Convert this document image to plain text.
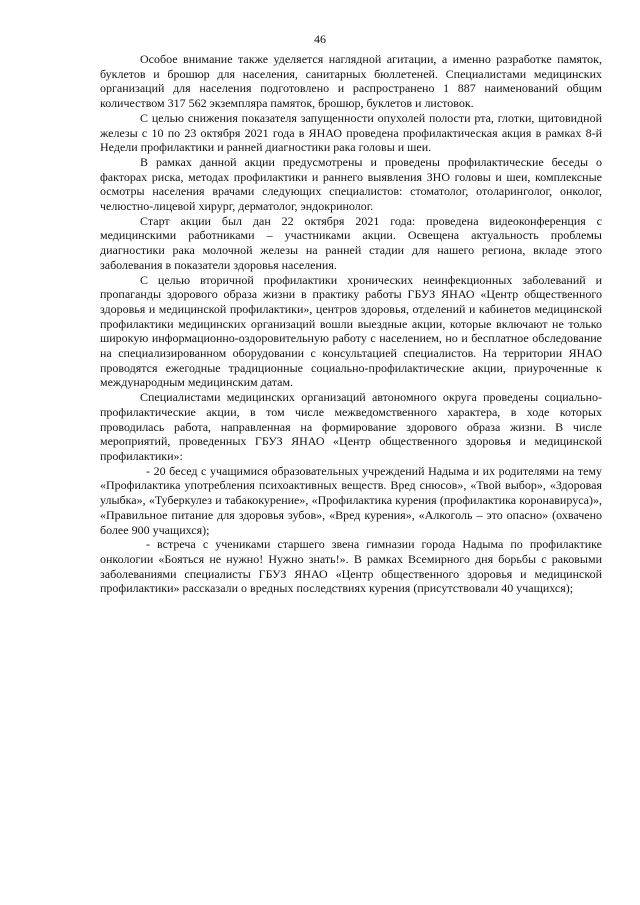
46

Особое внимание также уделяется наглядной агитации, а именно разработке памяток, буклетов и брошюр для населения, санитарных бюллетеней. Специалистами медицинских организаций для населения подготовлено и распространено 1 887 наименований общим количеством 317 562 экземпляра памяток, брошюр, буклетов и листовок.

С целью снижения показателя запущенности опухолей полости рта, глотки, щитовидной железы с 10 по 23 октября 2021 года в ЯНАО проведена профилактическая акция в рамках 8-й Недели профилактики и ранней диагностики рака головы и шеи.

В рамках данной акции предусмотрены и проведены профилактические беседы о факторах риска, методах профилактики и раннего выявления ЗНО головы и шеи, комплексные осмотры населения врачами следующих специалистов: стоматолог, отоларинголог, онколог, челюстно-лицевой хирург, дерматолог, эндокринолог.

Старт акции был дан 22 октября 2021 года: проведена видеоконференция с медицинскими работниками – участниками акции. Освещена актуальность проблемы диагностики рака молочной железы на ранней стадии для нашего региона, вкладе этого заболевания в показатели здоровья населения.

С целью вторичной профилактики хронических неинфекционных заболеваний и пропаганды здорового образа жизни в практику работы ГБУЗ ЯНАО «Центр общественного здоровья и медицинской профилактики», центров здоровья, отделений и кабинетов медицинской профилактики медицинских организаций вошли выездные акции, которые включают не только широкую информационно-оздоровительную работу с населением, но и бесплатное обследование на специализированном оборудовании с консультацией специалистов. На территории ЯНАО проводятся ежегодные традиционные социально-профилактические акции, приуроченные к международным медицинским датам.

Специалистами медицинских организаций автономного округа проведены социально-профилактические акции, в том числе межведомственного характера, в ходе которых проводилась работа, направленная на формирование здорового образа жизни. В числе мероприятий, проведенных ГБУЗ ЯНАО «Центр общественного здоровья и медицинской профилактики»:

- 20 бесед с учащимися образовательных учреждений Надыма и их родителями на тему «Профилактика употребления психоактивных веществ. Вред снюсов», «Твой выбор», «Здоровая улыбка», «Туберкулез и табакокурение», «Профилактика курения (профилактика коронавируса)», «Правильное питание для здоровья зубов», «Вред курения», «Алкоголь – это опасно» (охвачено более 900 учащихся);

- встреча с учениками старшего звена гимназии города Надыма по профилактике онкологии «Бояться не нужно! Нужно знать!». В рамках Всемирного дня борьбы с раковыми заболеваниями специалисты ГБУЗ ЯНАО «Центр общественного здоровья и медицинской профилактики» рассказали о вредных последствиях курения (присутствовали 40 учащихся);
